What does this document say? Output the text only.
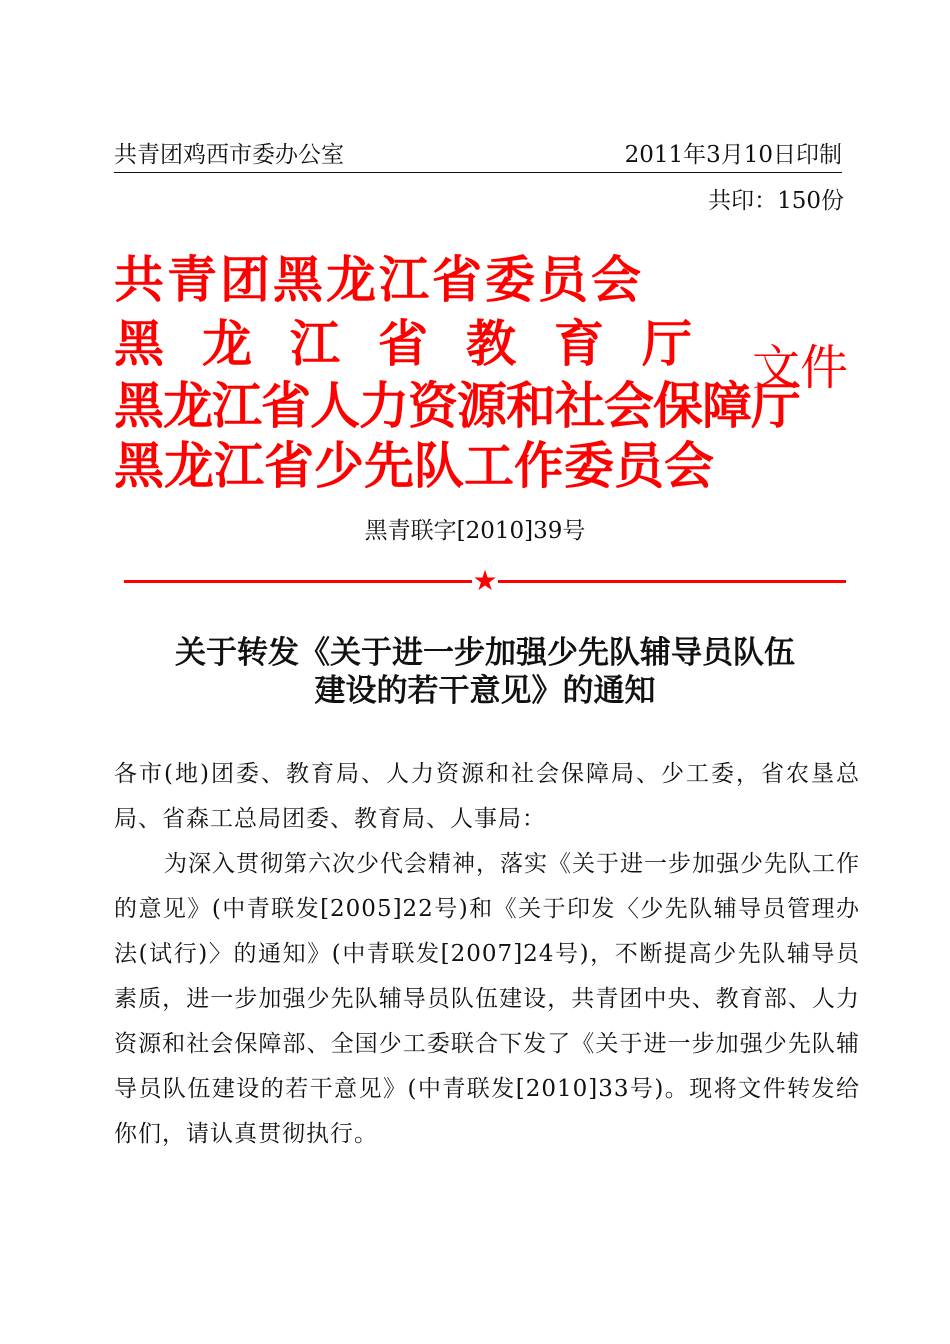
共青团鸡西市委办公室	2011年3月10日印制
共印：150份
共青团黑龙江省委员会
黑龙江省教育厅
黑龙江省人力资源和社会保障厅
黑龙江省少先队工作委员会
文件
黑青联字[2010]39号
★
关于转发《关于进一步加强少先队辅导员队伍
建设的若干意见》的通知

各市(地)团委、教育局、人力资源和社会保障局、少工委，省农垦总局、省森工总局团委、教育局、人事局：

为深入贯彻第六次少代会精神，落实《关于进一步加强少先队工作的意见》(中青联发[2005]22号)和《关于印发〈少先队辅导员管理办法(试行)〉的通知》(中青联发[2007]24号)，不断提高少先队辅导员素质，进一步加强少先队辅导员队伍建设，共青团中央、教育部、人力资源和社会保障部、全国少工委联合下发了《关于进一步加强少先队辅导员队伍建设的若干意见》(中青联发[2010]33号)。现将文件转发给你们，请认真贯彻执行。
